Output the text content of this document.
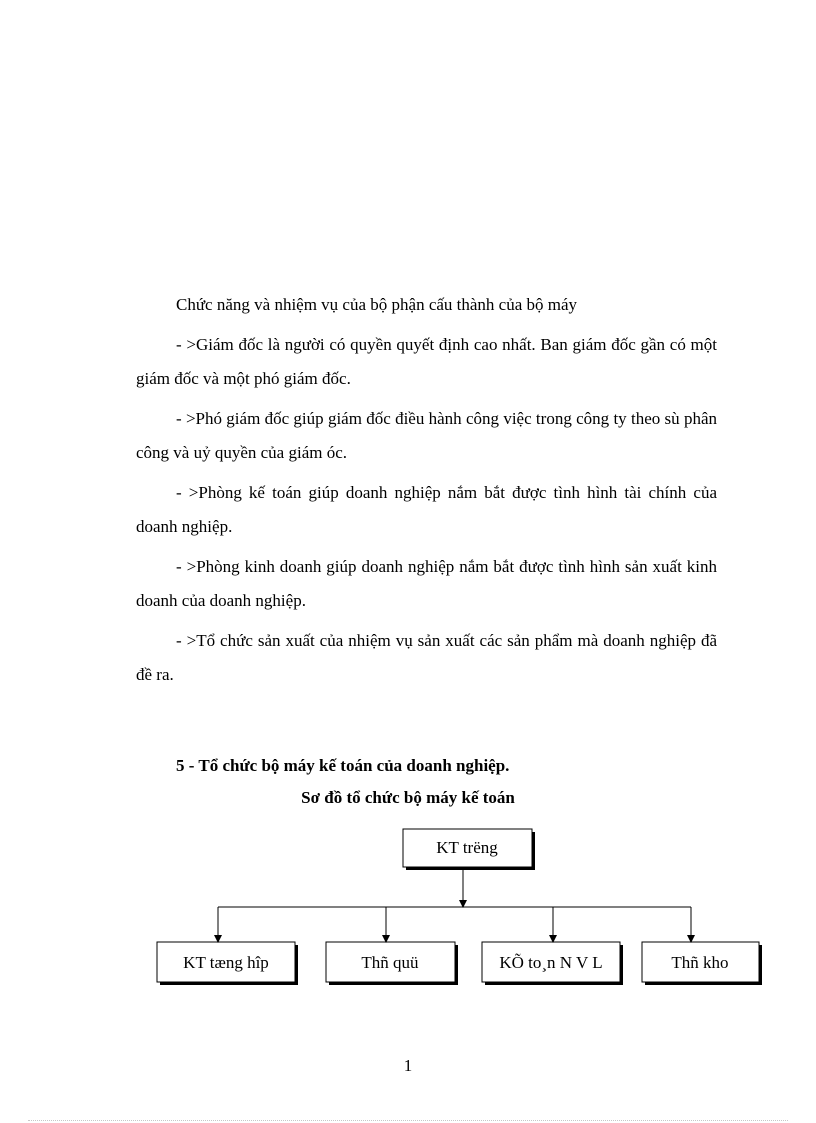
Chức năng và nhiệm vụ của bộ phận cấu thành của bộ máy
- >Giám đốc là người có quyền quyết định cao nhất. Ban giám đốc gần có một giám đốc và một phó giám đốc.
- >Phó giám đốc giúp giám đốc điều hành công việc trong công ty theo sù phân công và uỷ quyền của giám óc.
- >Phòng kế toán giúp doanh nghiệp nắm bắt được tình hình tài chính của doanh nghiệp.
- >Phòng kinh doanh giúp doanh nghiệp nắm bắt được tình hình sản xuất kinh doanh của doanh nghiệp.
- >Tổ chức sản xuất của nhiệm vụ sản xuất các sản phẩm mà doanh nghiệp đã đề ra.
5 - Tổ chức bộ máy kế toán của doanh nghiệp.
Sơ đồ tổ chức bộ máy kế toán
KT trëng
KT tæng hîp	Thñ quü	KÕ to¸n N V L	Thñ kho
1
